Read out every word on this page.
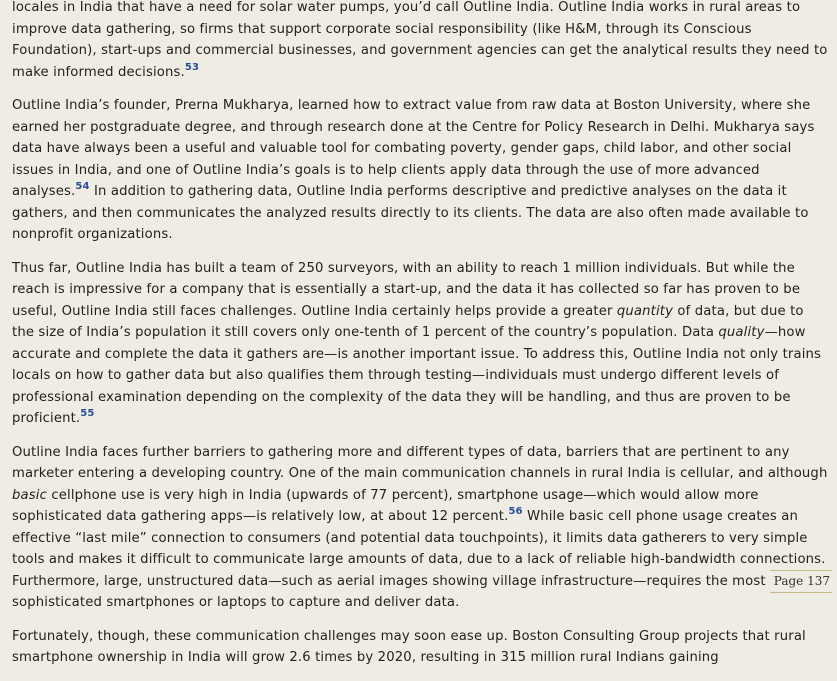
locales in India that have a need for solar water pumps, you’d call Outline India. Outline India works in rural areas to improve data gathering, so firms that support corporate social responsibility (like H&M, through its Conscious Foundation), start-ups and commercial businesses, and government agencies can get the analytical results they need to make informed decisions.$^{53}$

Outline India’s founder, Prerna Mukharya, learned how to extract value from raw data at Boston University, where she earned her postgraduate degree, and through research done at the Centre for Policy Research in Delhi. Mukharya says data have always been a useful and valuable tool for combating poverty, gender gaps, child labor, and other social issues in India, and one of Outline India’s goals is to help clients apply data through the use of more advanced analyses.$^{54}$ In addition to gathering data, Outline India performs descriptive and predictive analyses on the data it gathers, and then communicates the analyzed results directly to its clients. The data are also often made available to nonprofit organizations.

Thus far, Outline India has built a team of 250 surveyors, with an ability to reach 1 million individuals. But while the reach is impressive for a company that is essentially a start-up, and the data it has collected so far has proven to be useful, Outline India still faces challenges. Outline India certainly helps provide a greater quantity of data, but due to the size of India’s population it still covers only one-tenth of 1 percent of the country’s population. Data quality—how accurate and complete the data it gathers are—is another important issue. To address this, Outline India not only trains locals on how to gather data but also qualifies them through testing—individuals must undergo different levels of professional examination depending on the complexity of the data they will be handling, and thus are proven to be proficient.$^{55}$

Outline India faces further barriers to gathering more and different types of data, barriers that are pertinent to any marketer entering a developing country. One of the main communication channels in rural India is cellular, and although basic cellphone use is very high in India (upwards of 77 percent), smartphone usage—which would allow more sophisticated data gathering apps—is relatively low, at about 12 percent.$^{56}$ While basic cell phone usage creates an effective “last mile” connection to consumers (and potential data touchpoints), it limits data gatherers to very simple tools and makes it difficult to communicate large amounts of data, due to a lack of reliable high-bandwidth connections. Furthermore, large, unstructured data—such as aerial images showing village infrastructure—requires the most sophisticated smartphones or laptops to capture and deliver data.

Fortunately, though, these communication challenges may soon ease up. Boston Consulting Group projects that rural smartphone ownership in India will grow 2.6 times by 2020, resulting in 315 million rural Indians gaining

Page 137
